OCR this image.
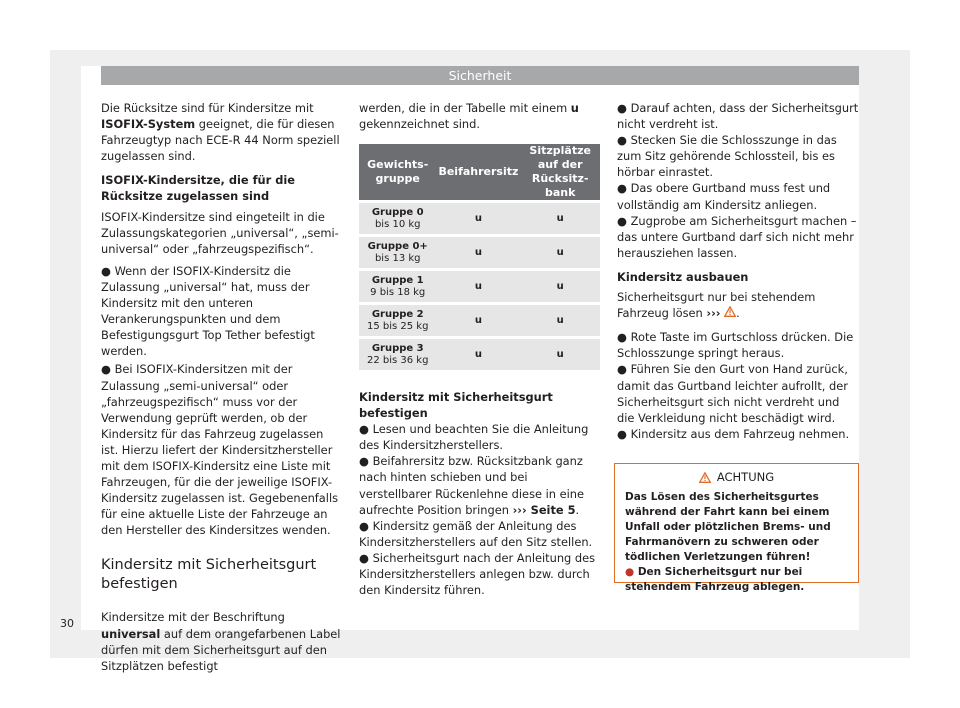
Sicherheit

Die Rücksitze sind für Kindersitze mit ISOFIX-System geeignet, die für diesen Fahrzeugtyp nach ECE-R 44 Norm speziell zugelassen sind.

ISOFIX-Kindersitze, die für die Rücksitze zugelassen sind

ISOFIX-Kindersitze sind eingeteilt in die Zulassungskategorien „universal“, „semi-universal“ oder „fahrzeugspezifisch“.

● Wenn der ISOFIX-Kindersitz die Zulassung „universal“ hat, muss der Kindersitz mit den unteren Verankerungspunkten und dem Befestigungsgurt Top Tether befestigt werden.

● Bei ISOFIX-Kindersitzen mit der Zulassung „semi-universal“ oder „fahrzeugspezifisch“ muss vor der Verwendung geprüft werden, ob der Kindersitz für das Fahrzeug zugelassen ist. Hierzu liefert der Kindersitzhersteller mit dem ISOFIX-Kindersitz eine Liste mit Fahrzeugen, für die der jeweilige ISOFIX-Kindersitz zugelassen ist. Gegebenenfalls für eine aktuelle Liste der Fahrzeuge an den Hersteller des Kindersitzes wenden.

Kindersitz mit Sicherheitsgurt befestigen

Kindersitze mit der Beschriftung universal auf dem orangefarbenen Label dürfen mit dem Sicherheitsgurt auf den Sitzplätzen befestigt

werden, die in der Tabelle mit einem u gekennzeichnet sind.

Gewichtsgruppe	Beifahrersitz	Sitzplätze auf der Rücksitzbank

Gruppe 0
bis 10 kg	u	u

Gruppe 0+
bis 13 kg	u	u

Gruppe 1
9 bis 18 kg	u	u

Gruppe 2
15 bis 25 kg	u	u

Gruppe 3
22 bis 36 kg	u	u

Kindersitz mit Sicherheitsgurt befestigen

● Lesen und beachten Sie die Anleitung des Kindersitzherstellers.

● Beifahrersitz bzw. Rücksitzbank ganz nach hinten schieben und bei verstellbarer Rückenlehne diese in eine aufrechte Position bringen ››› Seite 5.

● Kindersitz gemäß der Anleitung des Kindersitzherstellers auf den Sitz stellen.

● Sicherheitsgurt nach der Anleitung des Kindersitzherstellers anlegen bzw. durch den Kindersitz führen.

● Darauf achten, dass der Sicherheitsgurt nicht verdreht ist.

● Stecken Sie die Schlosszunge in das zum Sitz gehörende Schlossteil, bis es hörbar einrastet.

● Das obere Gurtband muss fest und vollständig am Kindersitz anliegen.

● Zugprobe am Sicherheitsgurt machen – das untere Gurtband darf sich nicht mehr herausziehen lassen.

Kindersitz ausbauen

Sicherheitsgurt nur bei stehendem Fahrzeug lösen ››› .

● Rote Taste im Gurtschloss drücken. Die Schlosszunge springt heraus.

● Führen Sie den Gurt von Hand zurück, damit das Gurtband leichter aufrollt, der Sicherheitsgurt sich nicht verdreht und die Verkleidung nicht beschädigt wird.

● Kindersitz aus dem Fahrzeug nehmen.

ACHTUNG

Das Lösen des Sicherheitsgurtes während der Fahrt kann bei einem Unfall oder plötzlichen Brems- und Fahrmanövern zu schweren oder tödlichen Verletzungen führen!

● Den Sicherheitsgurt nur bei stehendem Fahrzeug ablegen.

30
